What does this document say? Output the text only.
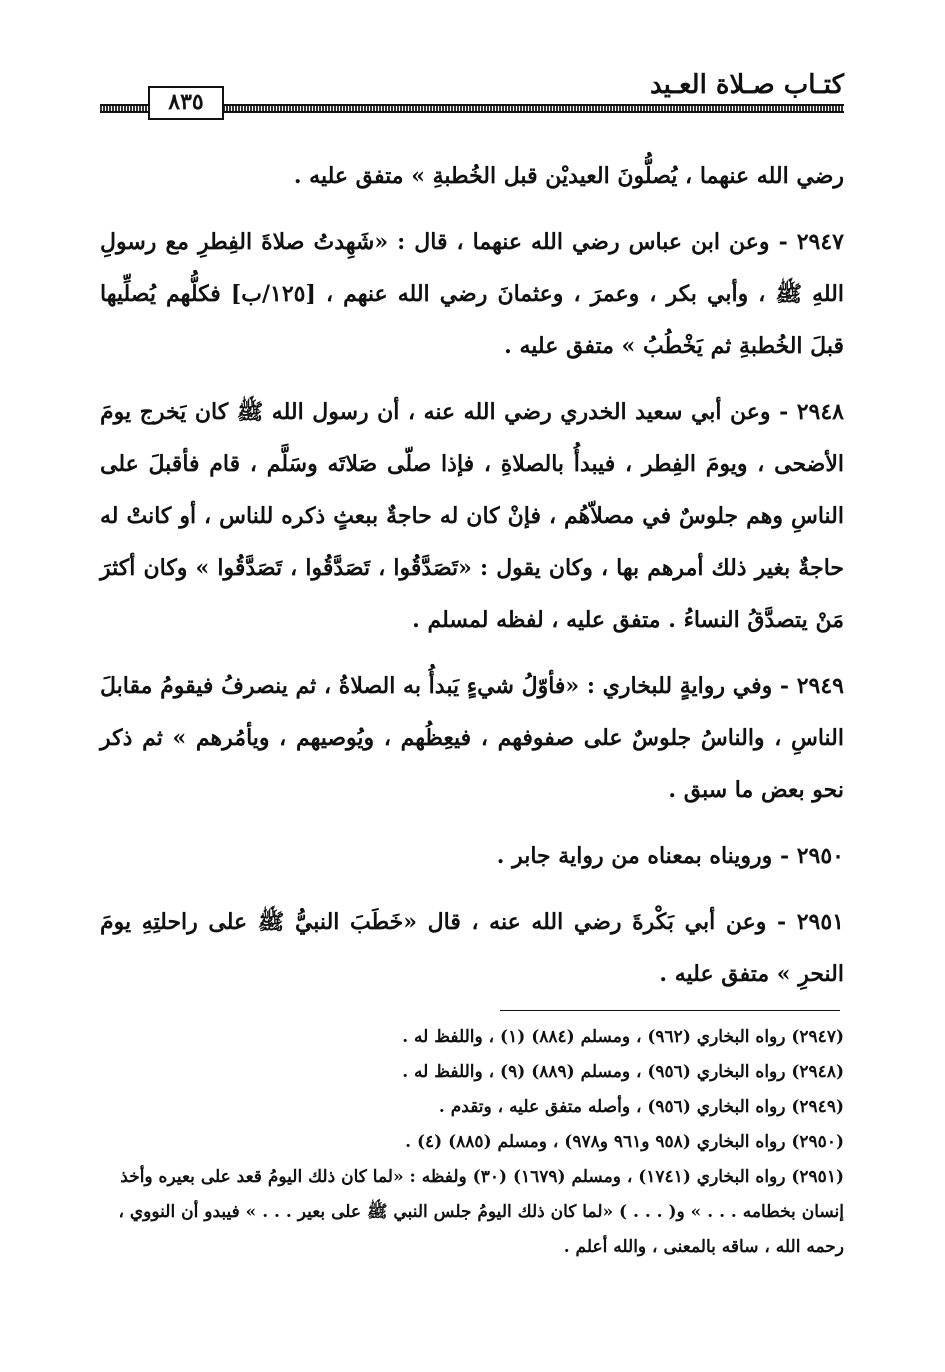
كتـاب صـلاة العـيد
٨٣٥

رضي الله عنهما ، يُصلُّونَ العيديْن قبل الخُطبةِ » متفق عليه .

٢٩٤٧ - وعن ابن عباس رضي الله عنهما ، قال : «شَهِدتُ صلاةَ الفِطرِ مع رسولِ اللهِ ﷺ ، وأبي بكر ، وعمرَ ، وعثمانَ رضي الله عنهم ، [١٢٥/ب] فكلُّهم يُصلِّيها قبلَ الخُطبةِ ثم يَخْطُبُ » متفق عليه .

٢٩٤٨ - وعن أبي سعيد الخدري رضي الله عنه ، أن رسول الله ﷺ كان يَخرج يومَ الأضحى ، ويومَ الفِطر ، فيبدأُ بالصلاةِ ، فإذا صلّى صَلاتَه وسَلَّم ، قام فأقبلَ على الناسِ وهم جلوسٌ في مصلاّهُم ، فإنْ كان له حاجةٌ ببعثٍ ذكره للناس ، أو كانتْ له حاجةٌ بغير ذلك أمرهم بها ، وكان يقول : «تَصَدَّقُوا ، تَصَدَّقُوا ، تَصَدَّقُوا » وكان أكثرَ مَنْ يتصدَّقُ النساءُ . متفق عليه ، لفظه لمسلم .

٢٩٤٩ - وفي روايةٍ للبخاري : «فأوّلُ شيءٍ يَبدأُ به الصلاةُ ، ثم ينصرفُ فيقومُ مقابلَ الناسِ ، والناسُ جلوسٌ على صفوفهم ، فيعِظُهم ، ويُوصيهم ، ويأمُرهم » ثم ذكر نحو بعض ما سبق .

٢٩٥٠ - ورويناه بمعناه من رواية جابر .

٢٩٥١ - وعن أبي بَكْرةَ رضي الله عنه ، قال «خَطَبَ النبيُّ ﷺ على راحلتِهِ يومَ النحرِ » متفق عليه .

(٢٩٤٧) رواه البخاري (٩٦٢) ، ومسلم (٨٨٤) (١) ، واللفظ له .

(٢٩٤٨) رواه البخاري (٩٥٦) ، ومسلم (٨٨٩) (٩) ، واللفظ له .

(٢٩٤٩) رواه البخاري (٩٥٦) ، وأصله متفق عليه ، وتقدم .

(٢٩٥٠) رواه البخاري (٩٥٨ و٩٦١ و٩٧٨) ، ومسلم (٨٨٥) (٤) .

(٢٩٥١) رواه البخاري (١٧٤١) ، ومسلم (١٦٧٩) (٣٠) ولفظه : «لما كان ذلك اليومُ قعد على بعيره وأخذ إنسان بخطامه . . . » و( . . . ) «لما كان ذلك اليومُ جلس النبي ﷺ على بعير . . . » فيبدو أن النووي ، رحمه الله ، ساقه بالمعنى ، والله أعلم .
